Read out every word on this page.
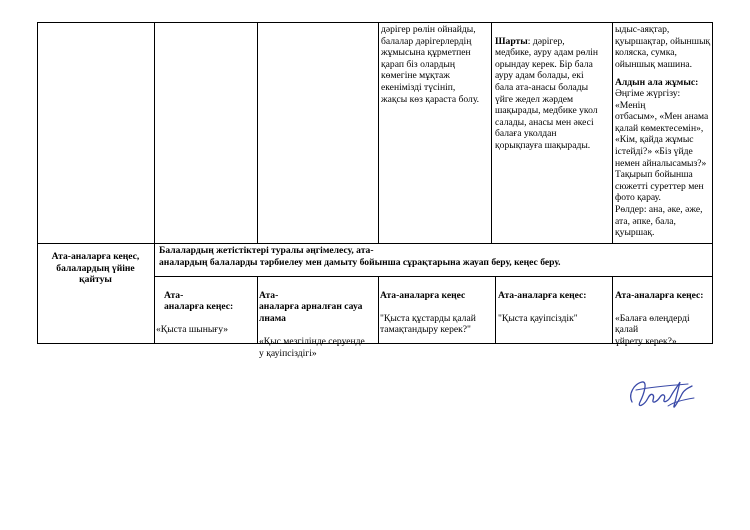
дәрігер рөлін ойнайды,
балалар дәрігерлердің
жұмысына құрметпен
қарап біз олардың
көмегіне мұқтаж
екенімізді түсініп,
жақсы көз қараста болу.

Шарты: дәрігер,
медбике, ауру адам рөлін
орындау керек. Бір бала
ауру адам болады, екі
бала ата-анасы болады
үйге жедел жәрдем
шақырады, медбике укол
салады, анасы мен әкесі
балаға уколдан
қорықпауға шақырады.

ыдыс-аяқтар,
қуыршақтар, ойыншық
коляска, сумка,
ойыншық машина.
Алдын ала жұмыс:
Әңгіме жүргізу: «Менің
отбасым», «Мен анама
қалай көмектесемін»,
«Кім, қайда жұмыс
істейді?» «Біз үйде
немен айналысамыз?»
Тақырып бойынша
сюжетті суреттер мен
фото қарау.
Рөлдер: ана, әке, әже,
ата, әпке, бала,
қуыршақ.
Ата-аналарға кеңес,
балалардың үйіне
қайтуы
Балалардың жетістіктері туралы әңгімелесу, ата-
аналардың балаларды тәрбиелеу мен дамыту бойынша сұрақтарына жауап беру, кеңес беру.

Ата-
аналарға кеңес:

«Қыста шынығу»

Ата-
аналарға арналған сауа
лнама

«Қыс мезгілінде серуенде
у қауіпсіздігі»

Ата-аналарға кеңес

"Қыста құстарды қалай
тамақтандыру керек?"

Ата-аналарға кеңес:

"Қыста қауіпсіздік"

Ата-аналарға кеңес:

«Балаға өлеңдерді қалай
үйрету керек?»
